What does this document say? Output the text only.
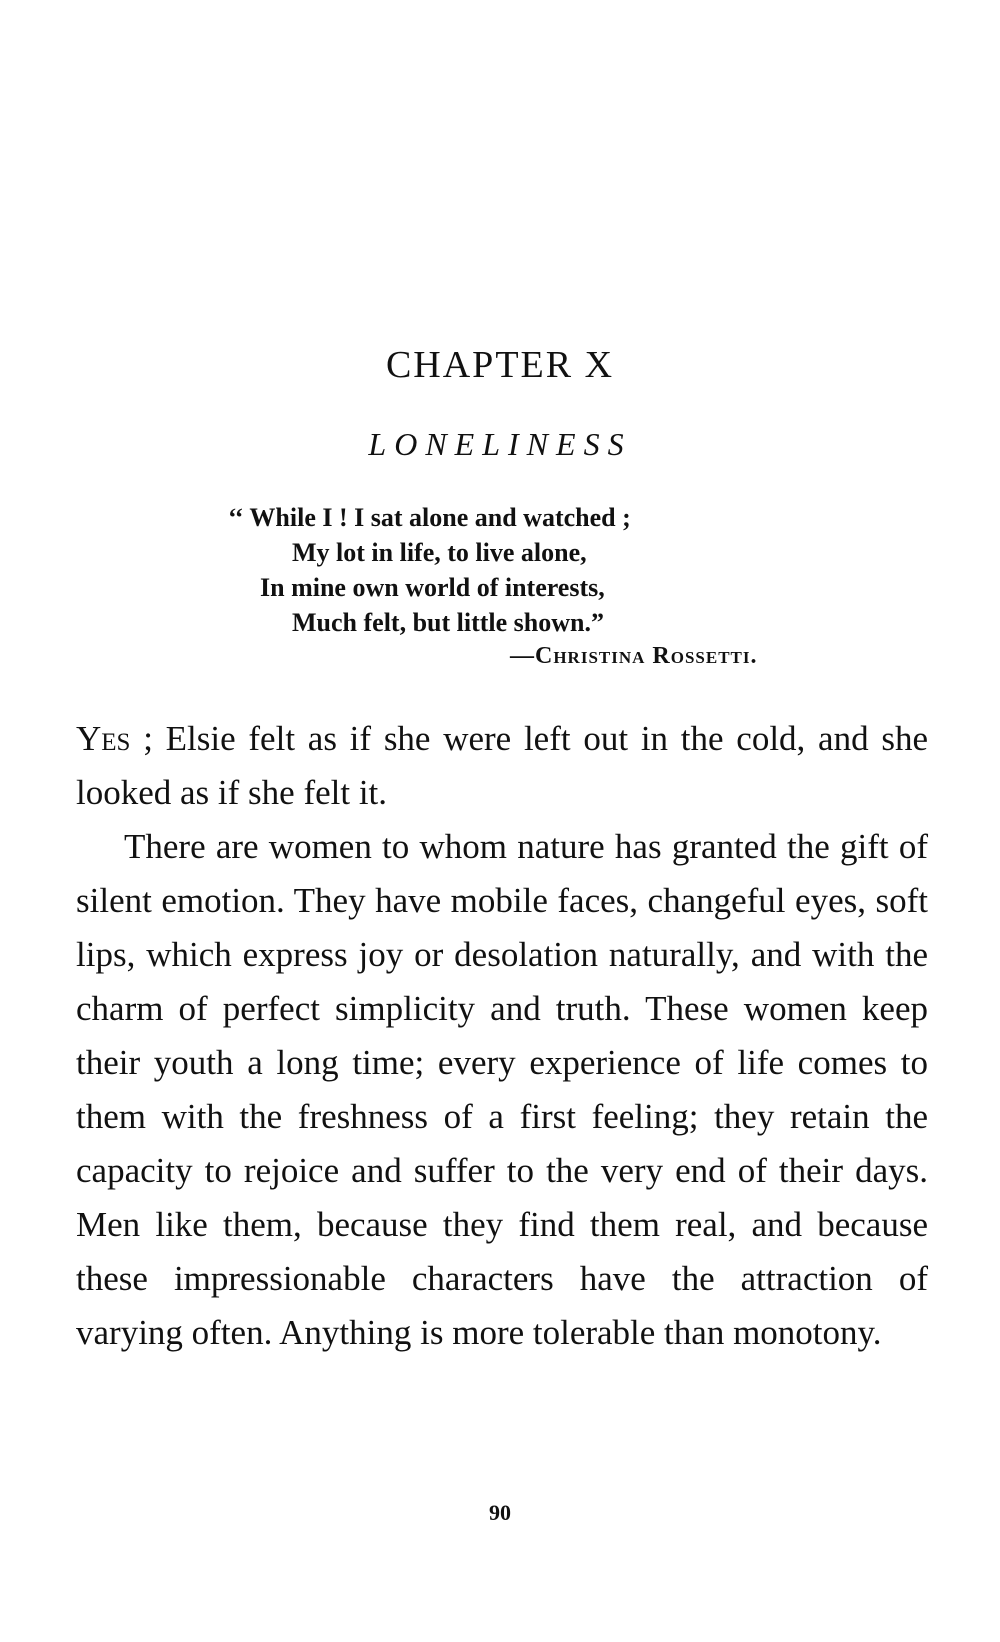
CHAPTER X
LONELINESS
‘‘ While I ! I sat alone and watched ;
My lot in life, to live alone,
In mine own world of interests,
Much felt, but little shown.”
—Christina Rossetti.

Yes ; Elsie felt as if she were left out in the cold, and she looked as if she felt it.

There are women to whom nature has granted the gift of silent emotion. They have mobile faces, changeful eyes, soft lips, which express joy or desolation naturally, and with the charm of perfect simplicity and truth. These women keep their youth a long time; every experience of life comes to them with the freshness of a first feeling; they retain the capacity to rejoice and suffer to the very end of their days. Men like them, because they find them real, and because these impressionable characters have the attraction of varying often. Anything is more tolerable than monotony.

90
